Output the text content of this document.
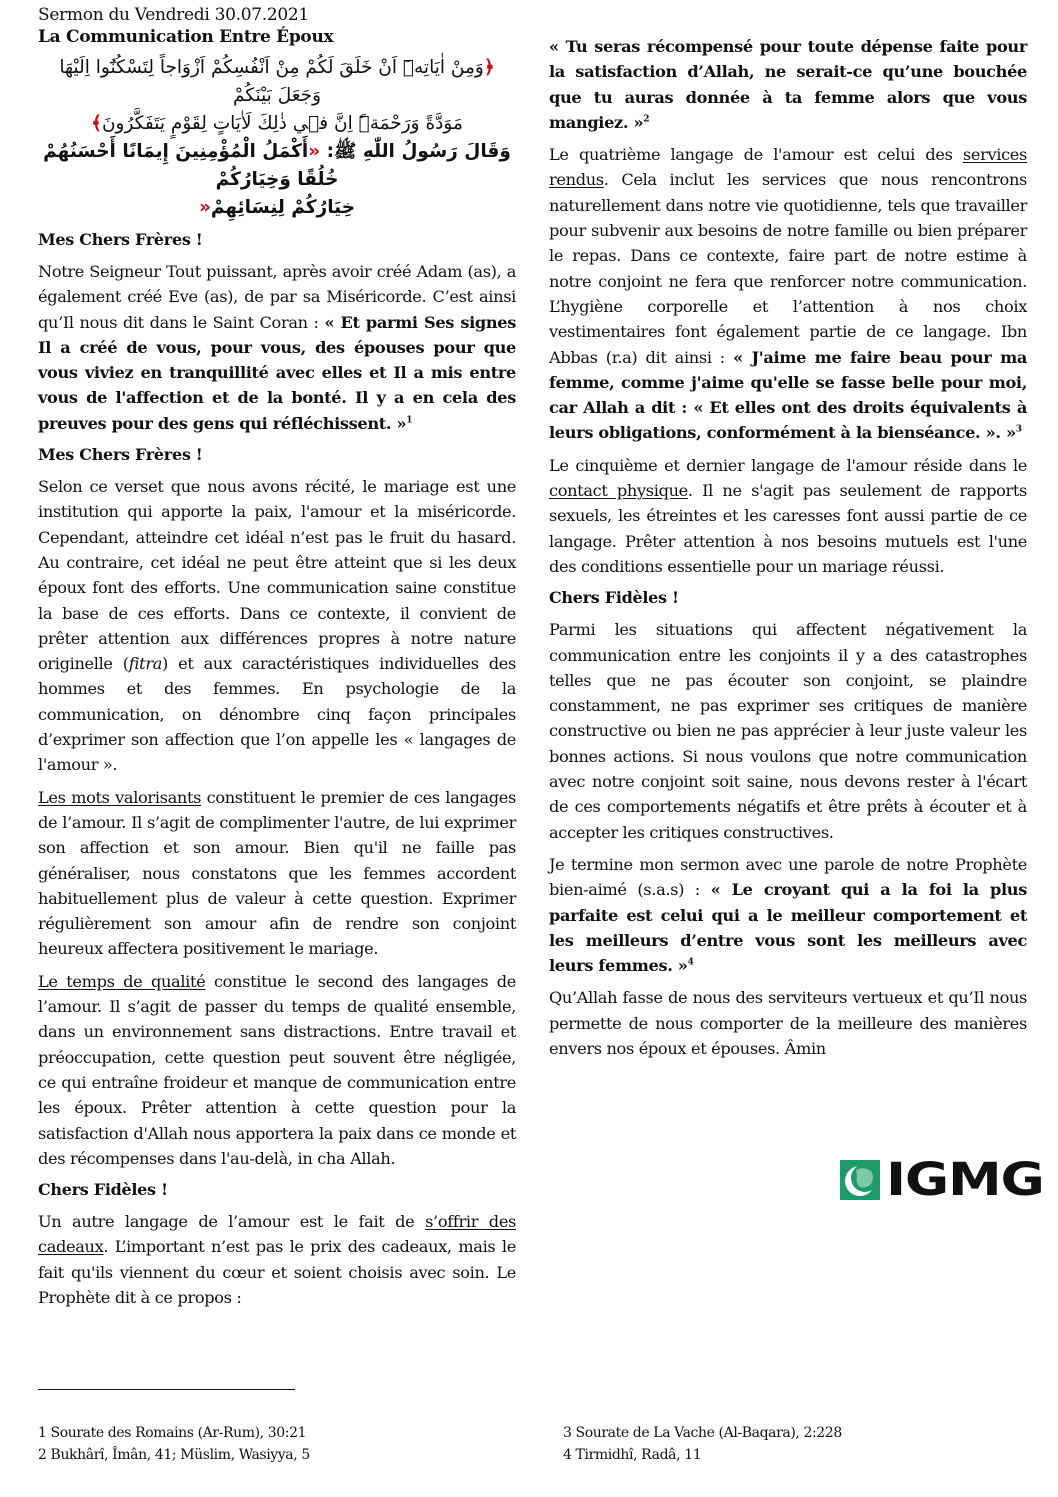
Sermon du Vendredi 30.07.2021
La Communication Entre Époux

﴿وَمِنْ اٰيَاتِه۪ٓ اَنْ خَلَقَ لَكُمْ مِنْ اَنْفُسِكُمْ اَزْوَاجاً لِتَسْكُنُٓوا اِلَيْهَا وَجَعَلَ بَيْنَكُمْ

مَوَدَّةً وَرَحْمَةًۜ اِنَّ ف۪ي ذٰلِكَ لَاٰيَاتٍ لِقَوْمٍ يَتَفَكَّرُونَ﴾

وَقَالَ رَسُولُ اللّٰهِ ﷺ: «أَكْمَلُ الْمُؤْمِنِينَ إِيمَانًا أَحْسَنُهُمْ خُلُقًا وَخِيَارُكُمْ

خِيَارُكُمْ لِنِسَائِهِمْ«

Mes Chers Frères !

Notre Seigneur Tout puissant, après avoir créé Adam (as), a également créé Eve (as), de par sa Miséricorde. C’est ainsi qu’Il nous dit dans le Saint Coran : « Et parmi Ses signes Il a créé de vous, pour vous, des épouses pour que vous viviez en tranquillité avec elles et Il a mis entre vous de l'affection et de la bonté. Il y a en cela des preuves pour des gens qui réfléchissent. »$^1$

Mes Chers Frères !

Selon ce verset que nous avons récité, le mariage est une institution qui apporte la paix, l'amour et la miséricorde. Cependant, atteindre cet idéal n’est pas le fruit du hasard. Au contraire, cet idéal ne peut être atteint que si les deux époux font des efforts. Une communication saine constitue la base de ces efforts. Dans ce contexte, il convient de prêter attention aux différences propres à notre nature originelle (fitra) et aux caractéristiques individuelles des hommes et des femmes. En psychologie de la communication, on dénombre cinq façon principales d’exprimer son affection que l’on appelle les « langages de l'amour ».

Les mots valorisants constituent le premier de ces langages de l’amour. Il s’agit de complimenter l'autre, de lui exprimer son affection et son amour. Bien qu'il ne faille pas généraliser, nous constatons que les femmes accordent habituellement plus de valeur à cette question. Exprimer régulièrement son amour afin de rendre son conjoint heureux affectera positivement le mariage.

Le temps de qualité constitue le second des langages de l’amour. Il s’agit de passer du temps de qualité ensemble, dans un environnement sans distractions. Entre travail et préoccupation, cette question peut souvent être négligée, ce qui entraîne froideur et manque de communication entre les époux. Prêter attention à cette question pour la satisfaction d'Allah nous apportera la paix dans ce monde et des récompenses dans l'au-delà, in cha Allah.

Chers Fidèles !

Un autre langage de l’amour est le fait de s’offrir des cadeaux. L’important n’est pas le prix des cadeaux, mais le fait qu'ils viennent du cœur et soient choisis avec soin. Le Prophète dit à ce propos :

« Tu seras récompensé pour toute dépense faite pour la satisfaction d’Allah, ne serait-ce qu’une bouchée que tu auras donnée à ta femme alors que vous mangiez. »$^2$

Le quatrième langage de l'amour est celui des services rendus. Cela inclut les services que nous rencontrons naturellement dans notre vie quotidienne, tels que travailler pour subvenir aux besoins de notre famille ou bien préparer le repas. Dans ce contexte, faire part de notre estime à notre conjoint ne fera que renforcer notre communication. L’hygiène corporelle et l’attention à nos choix vestimentaires font également partie de ce langage. Ibn Abbas (r.a) dit ainsi : « J'aime me faire beau pour ma femme, comme j'aime qu'elle se fasse belle pour moi, car Allah a dit : « Et elles ont des droits équivalents à leurs obligations, conformément à la bienséance. ». »$^3$

Le cinquième et dernier langage de l'amour réside dans le contact physique. Il ne s'agit pas seulement de rapports sexuels, les étreintes et les caresses font aussi partie de ce langage. Prêter attention à nos besoins mutuels est l'une des conditions essentielle pour un mariage réussi.

Chers Fidèles !

Parmi les situations qui affectent négativement la communication entre les conjoints il y a des catastrophes telles que ne pas écouter son conjoint, se plaindre constamment, ne pas exprimer ses critiques de manière constructive ou bien ne pas apprécier à leur juste valeur les bonnes actions. Si nous voulons que notre communication avec notre conjoint soit saine, nous devons rester à l'écart de ces comportements négatifs et être prêts à écouter et à accepter les critiques constructives.

Je termine mon sermon avec une parole de notre Prophète bien-aimé (s.a.s) : « Le croyant qui a la foi la plus parfaite est celui qui a le meilleur comportement et les meilleurs d’entre vous sont les meilleurs avec leurs femmes. »$^4$

Qu’Allah fasse de nous des serviteurs vertueux et qu’Il nous permette de nous comporter de la meilleure des manières envers nos époux et épouses. Âmin

IGMG
1 Sourate des Romains (Ar-Rum), 30:21
2 Bukhârî, Îmân, 41; Müslim, Wasiyya, 5
3 Sourate de La Vache (Al-Baqara), 2:228
4 Tirmidhî, Radâ, 11
